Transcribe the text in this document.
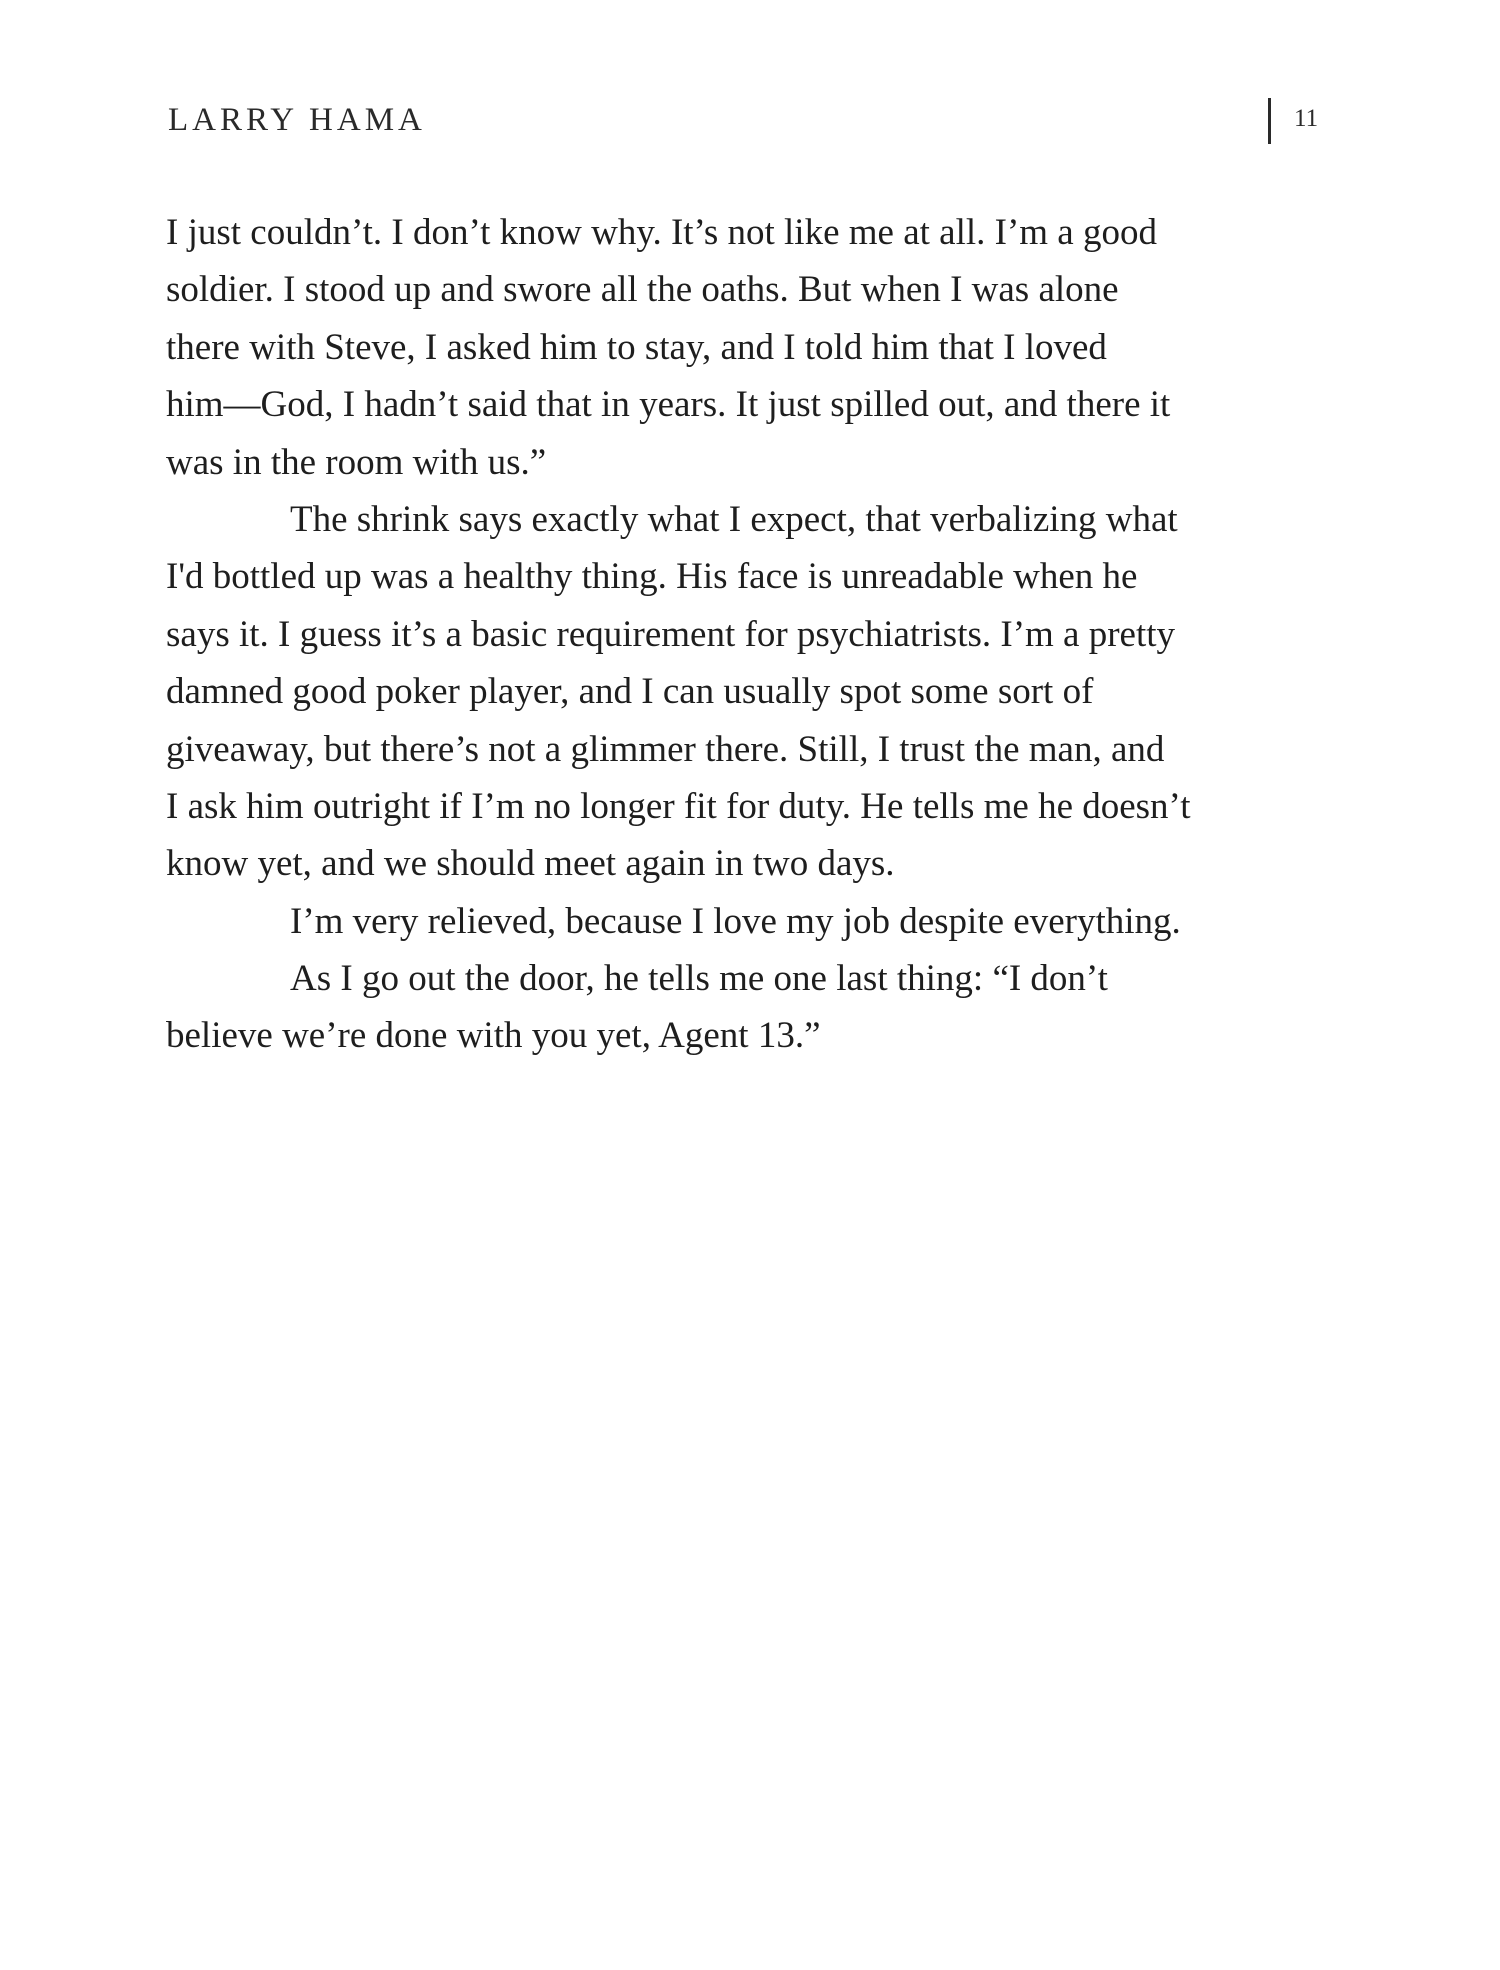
LARRY HAMA	11
I just couldn’t. I don’t know why. It’s not like me at all. I’m a good
soldier. I stood up and swore all the oaths. But when I was alone
there with Steve, I asked him to stay, and I told him that I loved
him—God, I hadn’t said that in years. It just spilled out, and there it
was in the room with us.”
The shrink says exactly what I expect, that verbalizing what
I'd bottled up was a healthy thing. His face is unreadable when he
says it. I guess it’s a basic requirement for psychiatrists. I’m a pretty
damned good poker player, and I can usually spot some sort of
giveaway, but there’s not a glimmer there. Still, I trust the man, and
I ask him outright if I’m no longer fit for duty. He tells me he doesn’t
know yet, and we should meet again in two days.
I’m very relieved, because I love my job despite everything.
As I go out the door, he tells me one last thing: “I don’t
believe we’re done with you yet, Agent 13.”
